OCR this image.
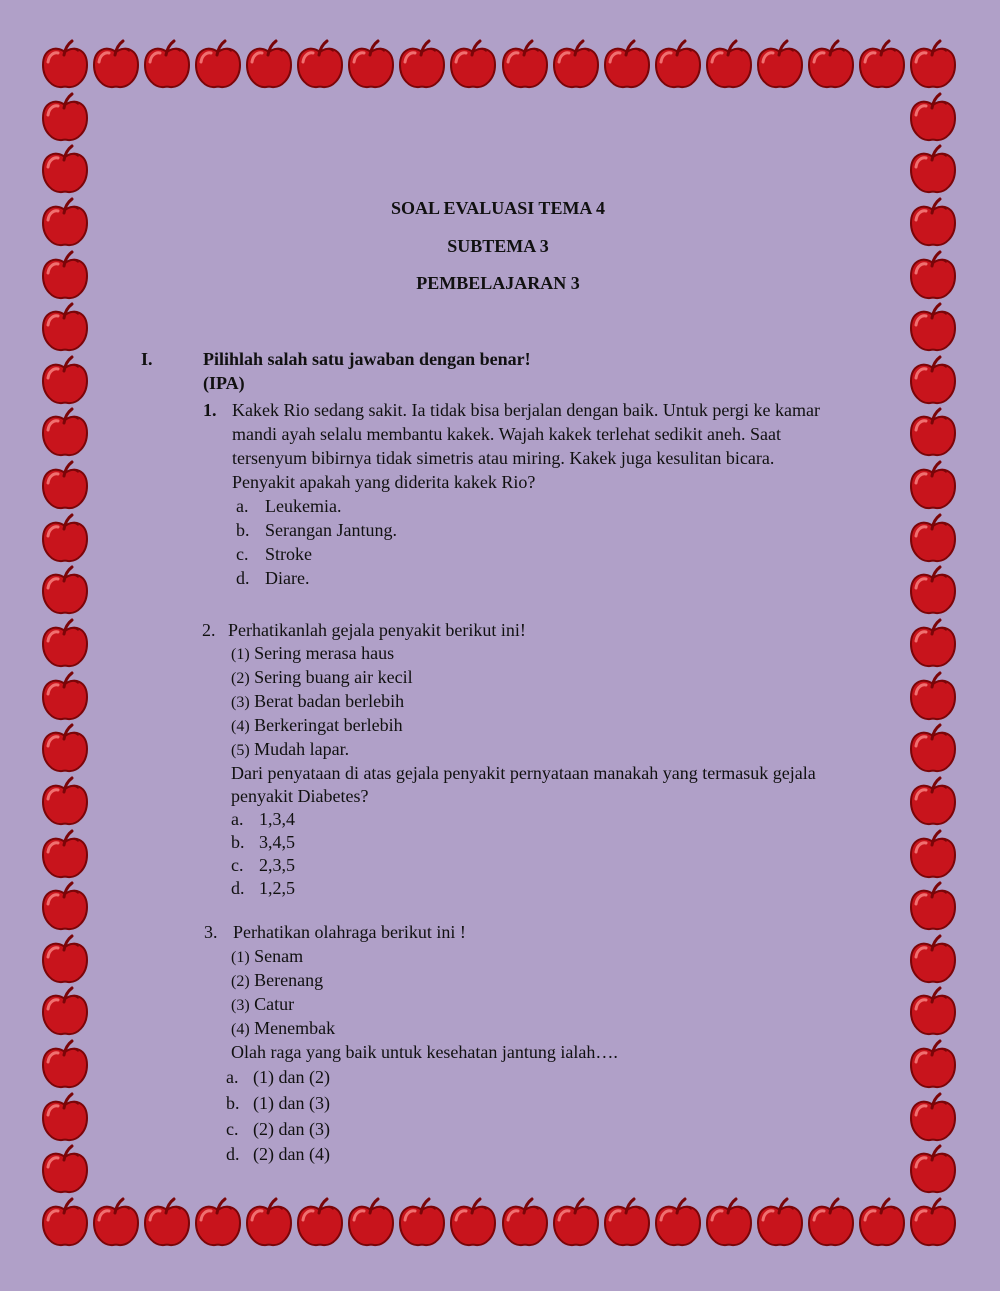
SOAL EVALUASI TEMA 4
SUBTEMA 3
PEMBELAJARAN 3
I.	Pilihlah salah satu jawaban dengan benar!
(IPA)
1. Kakek Rio sedang sakit. Ia tidak bisa berjalan dengan baik. Untuk pergi ke kamar
mandi ayah selalu membantu kakek. Wajah kakek terlehat sedikit aneh. Saat
tersenyum bibirnya tidak simetris atau miring. Kakek juga kesulitan bicara.
Penyakit apakah yang diderita kakek Rio?
a. Leukemia.
b. Serangan Jantung.
c. Stroke
d. Diare.
2. Perhatikanlah gejala penyakit berikut ini!
(1) Sering merasa haus
(2) Sering buang air kecil
(3) Berat badan berlebih
(4) Berkeringat berlebih
(5) Mudah lapar.
Dari penyataan di atas gejala penyakit pernyataan manakah yang termasuk gejala
penyakit Diabetes?
a. 1,3,4
b. 3,4,5
c. 2,3,5
d. 1,2,5
3. Perhatikan olahraga berikut ini !
(1) Senam
(2) Berenang
(3) Catur
(4) Menembak
Olah raga yang baik untuk kesehatan jantung ialah….
a. (1) dan (2)
b. (1) dan (3)
c. (2) dan (3)
d. (2) dan (4)
